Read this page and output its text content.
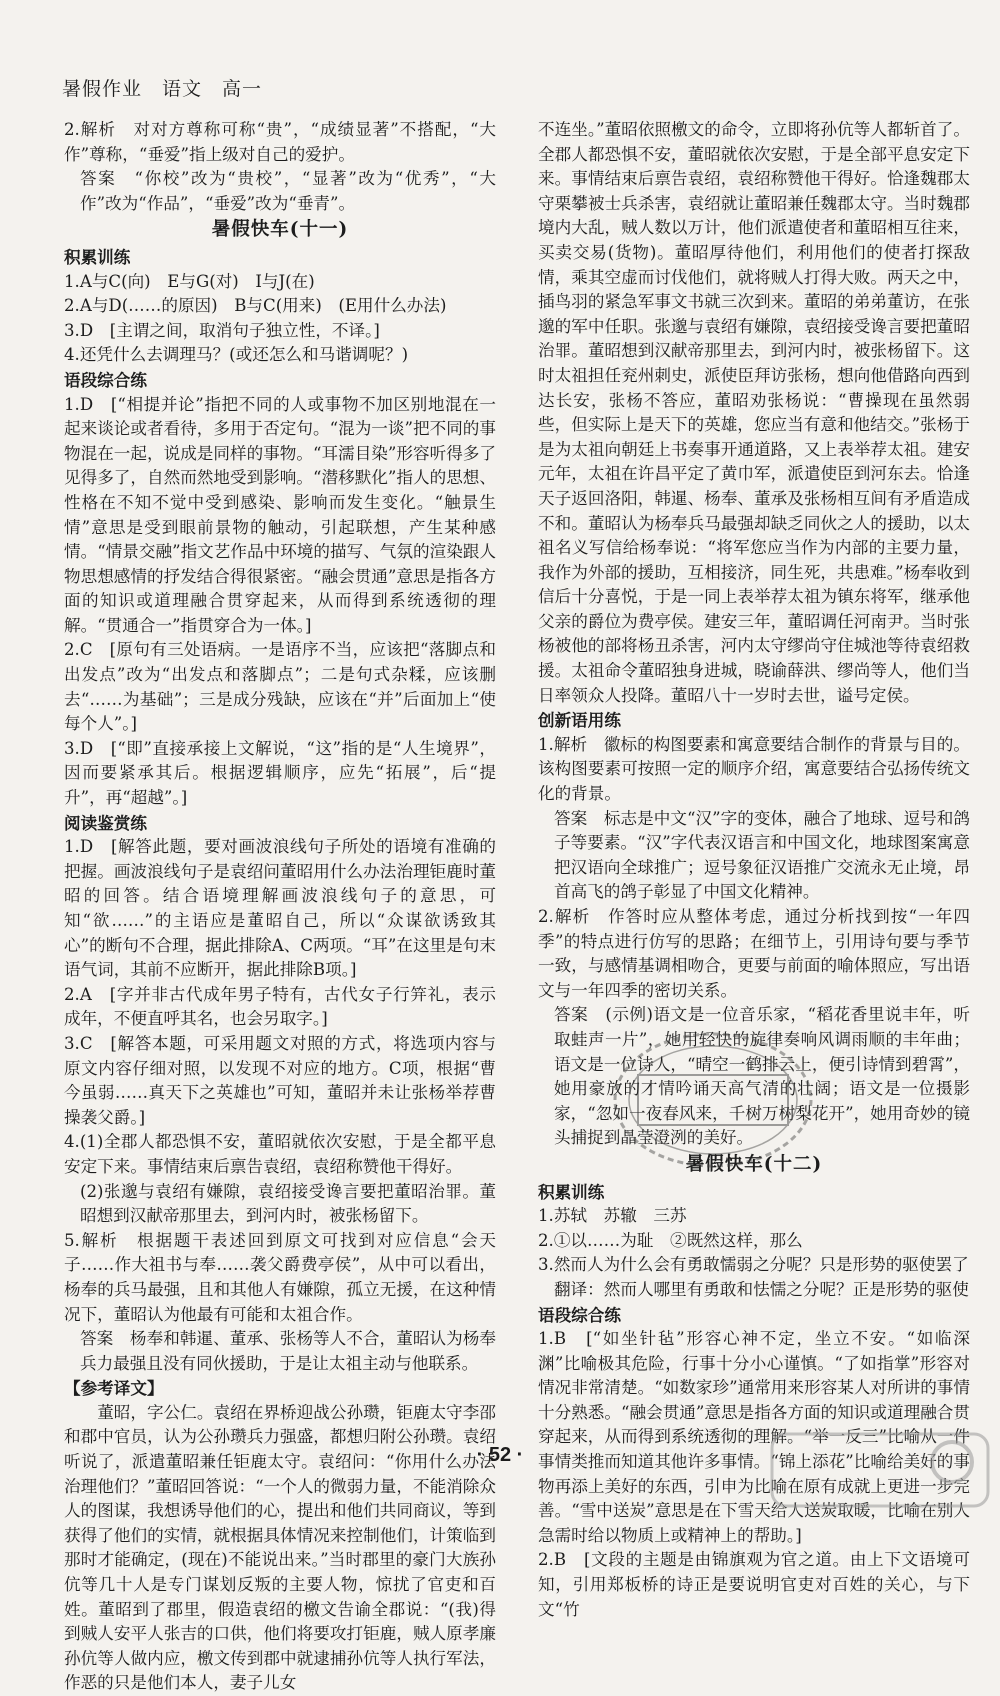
暑假作业　语文　高一
2.解析　对对方尊称可称“贵”，“成绩显著”不搭配，“大作”尊称，“垂爱”指上级对自己的爱护。
答案　“你校”改为“贵校”，“显著”改为“优秀”，“大作”改为“作品”，“垂爱”改为“垂青”。
暑假快车(十一)
积累训练
1.A与C(向)　E与G(对)　I与J(在)
2.A与D(……的原因)　B与C(用来)　(E用什么办法)
3.D　[主谓之间，取消句子独立性，不译。]
4.还凭什么去调理马？(或还怎么和马谐调呢？)
语段综合练
1.D　[“相提并论”指把不同的人或事物不加区别地混在一起来谈论或者看待，多用于否定句。“混为一谈”把不同的事物混在一起，说成是同样的事物。“耳濡目染”形容听得多了见得多了，自然而然地受到影响。“潜移默化”指人的思想、性格在不知不觉中受到感染、影响而发生变化。“触景生情”意思是受到眼前景物的触动，引起联想，产生某种感情。“情景交融”指文艺作品中环境的描写、气氛的渲染跟人物思想感情的抒发结合得很紧密。“融会贯通”意思是指各方面的知识或道理融合贯穿起来，从而得到系统透彻的理解。“贯通合一”指贯穿合为一体。]
2.C　[原句有三处语病。一是语序不当，应该把“落脚点和出发点”改为“出发点和落脚点”；二是句式杂糅，应该删去“……为基础”；三是成分残缺，应该在“并”后面加上“使每个人”。]
3.D　[“即”直接承接上文解说，“这”指的是“人生境界”，因而要紧承其后。根据逻辑顺序，应先“拓展”，后“提升”，再“超越”。]
阅读鉴赏练
1.D　[解答此题，要对画波浪线句子所处的语境有准确的把握。画波浪线句子是袁绍问董昭用什么办法治理钜鹿时董昭的回答。结合语境理解画波浪线句子的意思，可知“欲……”的主语应是董昭自己，所以“众谋欲诱致其心”的断句不合理，据此排除A、C两项。“耳”在这里是句末语气词，其前不应断开，据此排除B项。]
2.A　[字并非古代成年男子特有，古代女子行笄礼，表示成年，不便直呼其名，也会另取字。]
3.C　[解答本题，可采用题文对照的方式，将选项内容与原文内容仔细对照，以发现不对应的地方。C项，根据“曹今虽弱……真天下之英雄也”可知，董昭并未让张杨举荐曹操袭父爵。]
4.(1)全郡人都恐惧不安，董昭就依次安慰，于是全都平息安定下来。事情结束后禀告袁绍，袁绍称赞他干得好。
(2)张邈与袁绍有嫌隙，袁绍接受谗言要把董昭治罪。董昭想到汉献帝那里去，到河内时，被张杨留下。
5.解析　根据题干表述回到原文可找到对应信息“会天子……作大祖书与奉……袭父爵费亭侯”，从中可以看出，杨奉的兵马最强，且和其他人有嫌隙，孤立无援，在这种情况下，董昭认为他最有可能和太祖合作。
答案　杨奉和韩暹、董承、张杨等人不合，董昭认为杨奉兵力最强且没有同伙援助，于是让太祖主动与他联系。
【参考译文】
董昭，字公仁。袁绍在界桥迎战公孙瓒，钜鹿太守李邵和郡中官员，认为公孙瓒兵力强盛，都想归附公孙瓒。袁绍听说了，派遣董昭兼任钜鹿太守。袁绍问：“你用什么办法治理他们？”董昭回答说：“一个人的微弱力量，不能消除众人的图谋，我想诱导他们的心，提出和他们共同商议，等到获得了他们的实情，就根据具体情况来控制他们，计策临到那时才能确定，(现在)不能说出来。”当时郡里的豪门大族孙伉等几十人是专门谋划反叛的主要人物，惊扰了官吏和百姓。董昭到了郡里，假造袁绍的檄文告谕全郡说：“(我)得到贼人安平人张吉的口供，他们将要攻打钜鹿，贼人原孝廉孙伉等人做内应，檄文传到郡中就逮捕孙伉等人执行军法，作恶的只是他们本人，妻子儿女
不连坐。”董昭依照檄文的命令，立即将孙伉等人都斩首了。全郡人都恐惧不安，董昭就依次安慰，于是全部平息安定下来。事情结束后禀告袁绍，袁绍称赞他干得好。恰逢魏郡太守栗攀被士兵杀害，袁绍就让董昭兼任魏郡太守。当时魏郡境内大乱，贼人数以万计，他们派遣使者和董昭相互往来，买卖交易(货物)。董昭厚待他们，利用他们的使者打探敌情，乘其空虚而讨伐他们，就将贼人打得大败。两天之中，插鸟羽的紧急军事文书就三次到来。董昭的弟弟董访，在张邈的军中任职。张邈与袁绍有嫌隙，袁绍接受谗言要把董昭治罪。董昭想到汉献帝那里去，到河内时，被张杨留下。这时太祖担任兖州刺史，派使臣拜访张杨，想向他借路向西到达长安，张杨不答应，董昭劝张杨说：“曹操现在虽然弱些，但实际上是天下的英雄，您应当有意和他结交。”张杨于是为太祖向朝廷上书奏事开通道路，又上表举荐太祖。建安元年，太祖在许昌平定了黄巾军，派遣使臣到河东去。恰逢天子返回洛阳，韩暹、杨奉、董承及张杨相互间有矛盾造成不和。董昭认为杨奉兵马最强却缺乏同伙之人的援助，以太祖名义写信给杨奉说：“将军您应当作为内部的主要力量，我作为外部的援助，互相接济，同生死，共患难。”杨奉收到信后十分喜悦，于是一同上表举荐太祖为镇东将军，继承他父亲的爵位为费亭侯。建安三年，董昭调任河南尹。当时张杨被他的部将杨丑杀害，河内太守缪尚守住城池等待袁绍救援。太祖命令董昭独身进城，晓谕薛洪、缪尚等人，他们当日率领众人投降。董昭八十一岁时去世，谥号定侯。
创新语用练
1.解析　徽标的构图要素和寓意要结合制作的背景与目的。该构图要素可按照一定的顺序介绍，寓意要结合弘扬传统文化的背景。
答案　标志是中文“汉”字的变体，融合了地球、逗号和鸽子等要素。“汉”字代表汉语言和中国文化，地球图案寓意把汉语向全球推广；逗号象征汉语推广交流永无止境，昂首高飞的鸽子彰显了中国文化精神。
2.解析　作答时应从整体考虑，通过分析找到按“一年四季”的特点进行仿写的思路；在细节上，引用诗句要与季节一致，与感情基调相吻合，更要与前面的喻体照应，写出语文与一年四季的密切关系。
答案　(示例)语文是一位音乐家，“稻花香里说丰年，听取蛙声一片”，她用轻快的旋律奏响风调雨顺的丰年曲；语文是一位诗人，“晴空一鹤排云上，便引诗情到碧霄”，她用豪放的才情吟诵天高气清的壮阔；语文是一位摄影家，“忽如一夜春风来，千树万树梨花开”，她用奇妙的镜头捕捉到晶莹澄洌的美好。
暑假快车(十二)
积累训练
1.苏轼　苏辙　三苏
2.①以……为耻　②既然这样，那么
3.然而人为什么会有勇敢懦弱之分呢？只是形势的驱使罢了
翻译：然而人哪里有勇敢和怯懦之分呢？正是形势的驱使
语段综合练
1.B　[“如坐针毡”形容心神不定，坐立不安。“如临深渊”比喻极其危险，行事十分小心谨慎。“了如指掌”形容对情况非常清楚。“如数家珍”通常用来形容某人对所讲的事情十分熟悉。“融会贯通”意思是指各方面的知识或道理融合贯穿起来，从而得到系统透彻的理解。“举一反三”比喻从一件事情类推而知道其他许多事情。“锦上添花”比喻给美好的事物再添上美好的东西，引申为比喻在原有成就上更进一步完善。“雪中送炭”意思是在下雪天给人送炭取暖，比喻在别人急需时给以物质上或精神上的帮助。]
2.B　[文段的主题是由锦旗观为官之道。由上下文语境可知，引用郑板桥的诗正是要说明官吏对百姓的关心，与下文“竹
· 52 ·
